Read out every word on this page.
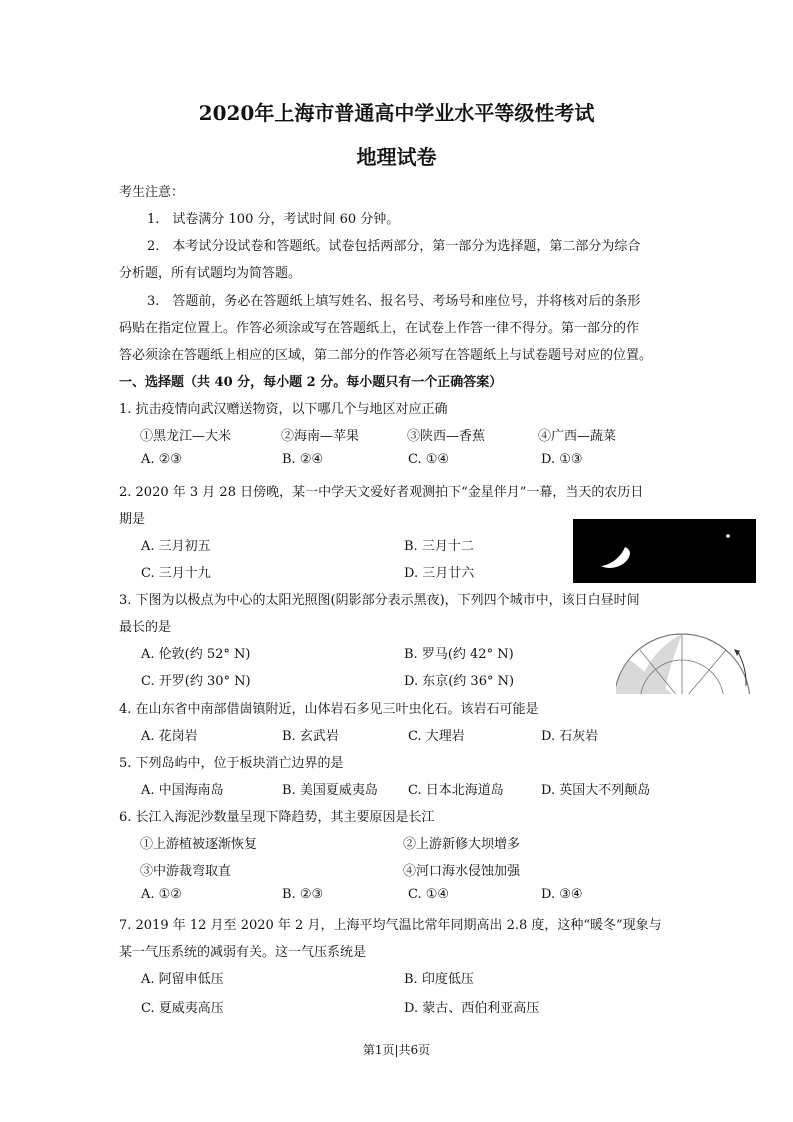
2020年上海市普通高中学业水平等级性考试
地理试卷
考生注意：
1.　试卷满分 100 分，考试时间 60 分钟。
2.　本考试分设试卷和答题纸。试卷包括两部分，第一部分为选择题，第二部分为综合
分析题，所有试题均为简答题。
3.　答题前，务必在答题纸上填写姓名、报名号、考场号和座位号，并将核对后的条形
码贴在指定位置上。作答必须涂或写在答题纸上，在试卷上作答一律不得分。第一部分的作
答必须涂在答题纸上相应的区域，第二部分的作答必须写在答题纸上与试卷题号对应的位置。
一、选择题（共 40 分，每小题 2 分。每小题只有一个正确答案）
1. 抗击疫情向武汉赠送物资，以下哪几个与地区对应正确
①黑龙江—大米	②海南—苹果	③陕西—香蕉	④广西—蔬菜
A. ②③	B. ②④	C. ①④	D. ①③
2. 2020 年 3 月 28 日傍晚，某一中学天文爱好者观测拍下“金星伴月”一幕，当天的农历日
期是
A. 三月初五	B. 三月十二
C. 三月十九	D. 三月廿六
3. 下图为以极点为中心的太阳光照图(阴影部分表示黑夜)，下列四个城市中，该日白昼时间
最长的是
A. 伦敦(约 52° N)	B. 罗马(约 42° N)
C. 开罗(约 30° N)	D. 东京(约 36° N)
4. 在山东省中南部借崮镇附近，山体岩石多见三叶虫化石。该岩石可能是
A. 花岗岩	B. 玄武岩	C. 大理岩	D. 石灰岩
5. 下列岛屿中，位于板块消亡边界的是
A. 中国海南岛	B. 美国夏威夷岛 C. 日本北海道岛	D. 英国大不列颠岛
6. 长江入海泥沙数量呈现下降趋势，其主要原因是长江
①上游植被逐渐恢复	②上游新修大坝增多
③中游裁弯取直	④河口海水侵蚀加强
A. ①②	B. ②③	C. ①④	D. ③④
7. 2019 年 12 月至 2020 年 2 月，上海平均气温比常年同期高出 2.8 度，这种“暖冬”现象与
某一气压系统的减弱有关。这一气压系统是
A. 阿留申低压	B. 印度低压
C. 夏威夷高压	D. 蒙古、西伯利亚高压
第1页|共6页
